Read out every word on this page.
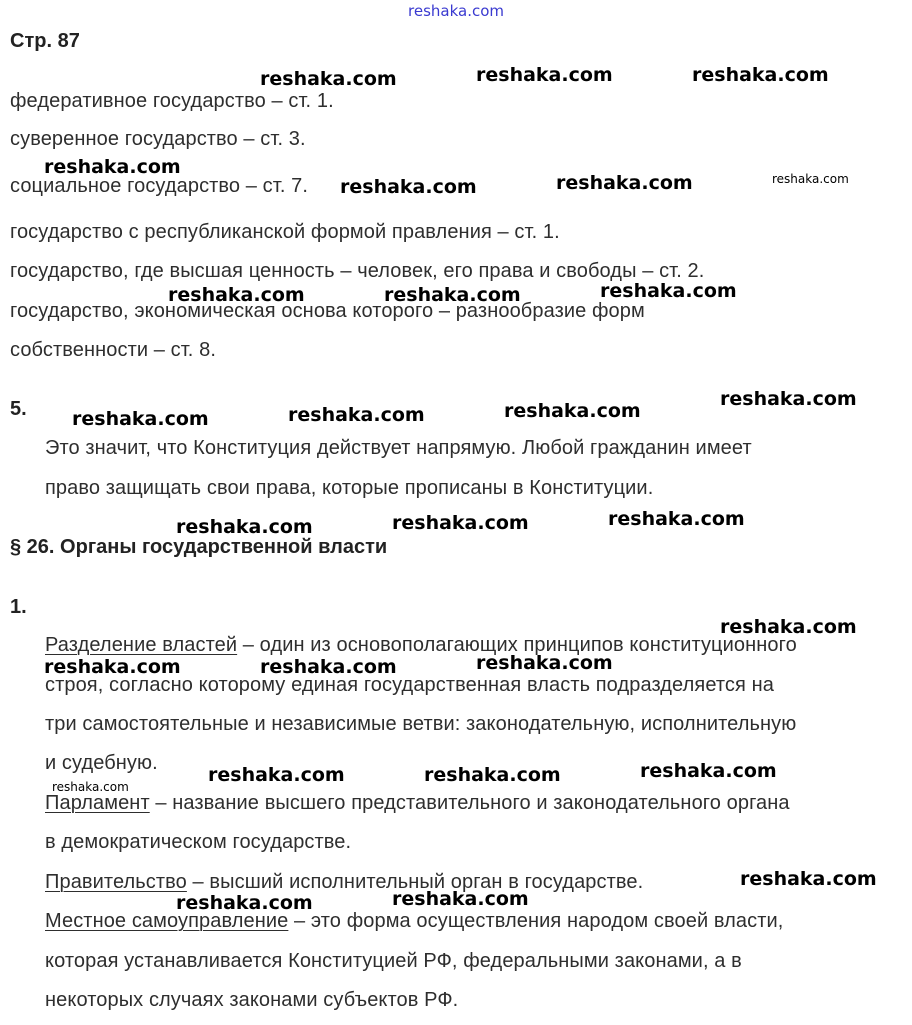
Стр. 87
федеративное государство – ст. 1.
суверенное государство – ст. 3.
социальное государство – ст. 7.
государство с республиканской формой правления – ст. 1.
государство, где высшая ценность – человек, его права и свободы – ст. 2.
государство, экономическая основа которого – разнообразие форм
собственности – ст. 8.
5.
Это значит, что Конституция действует напрямую. Любой гражданин имеет
право защищать свои права, которые прописаны в Конституции.
§ 26. Органы государственной власти
1.
Разделение властей – один из основополагающих принципов конституционного
строя, согласно которому единая государственная власть подразделяется на
три самостоятельные и независимые ветви: законодательную, исполнительную
и судебную.
Парламент – название высшего представительного и законодательного органа
в демократическом государстве.
Правительство – высший исполнительный орган в государстве.
Местное самоуправление – это форма осуществления народом своей власти,
которая устанавливается Конституцией РФ, федеральными законами, а в
некоторых случаях законами субъектов РФ.
reshaka.com
reshaka.com	reshaka.com	reshaka.com
reshaka.com
reshaka.com	reshaka.com	reshaka.com
reshaka.com	reshaka.com	reshaka.com
reshaka.com	reshaka.com	reshaka.com
reshaka.com
reshaka.com	reshaka.com	reshaka.com
reshaka.com
reshaka.com	reshaka.com	reshaka.com
reshaka.com
reshaka.com	reshaka.com	reshaka.com
reshaka.com
reshaka.com	reshaka.com
